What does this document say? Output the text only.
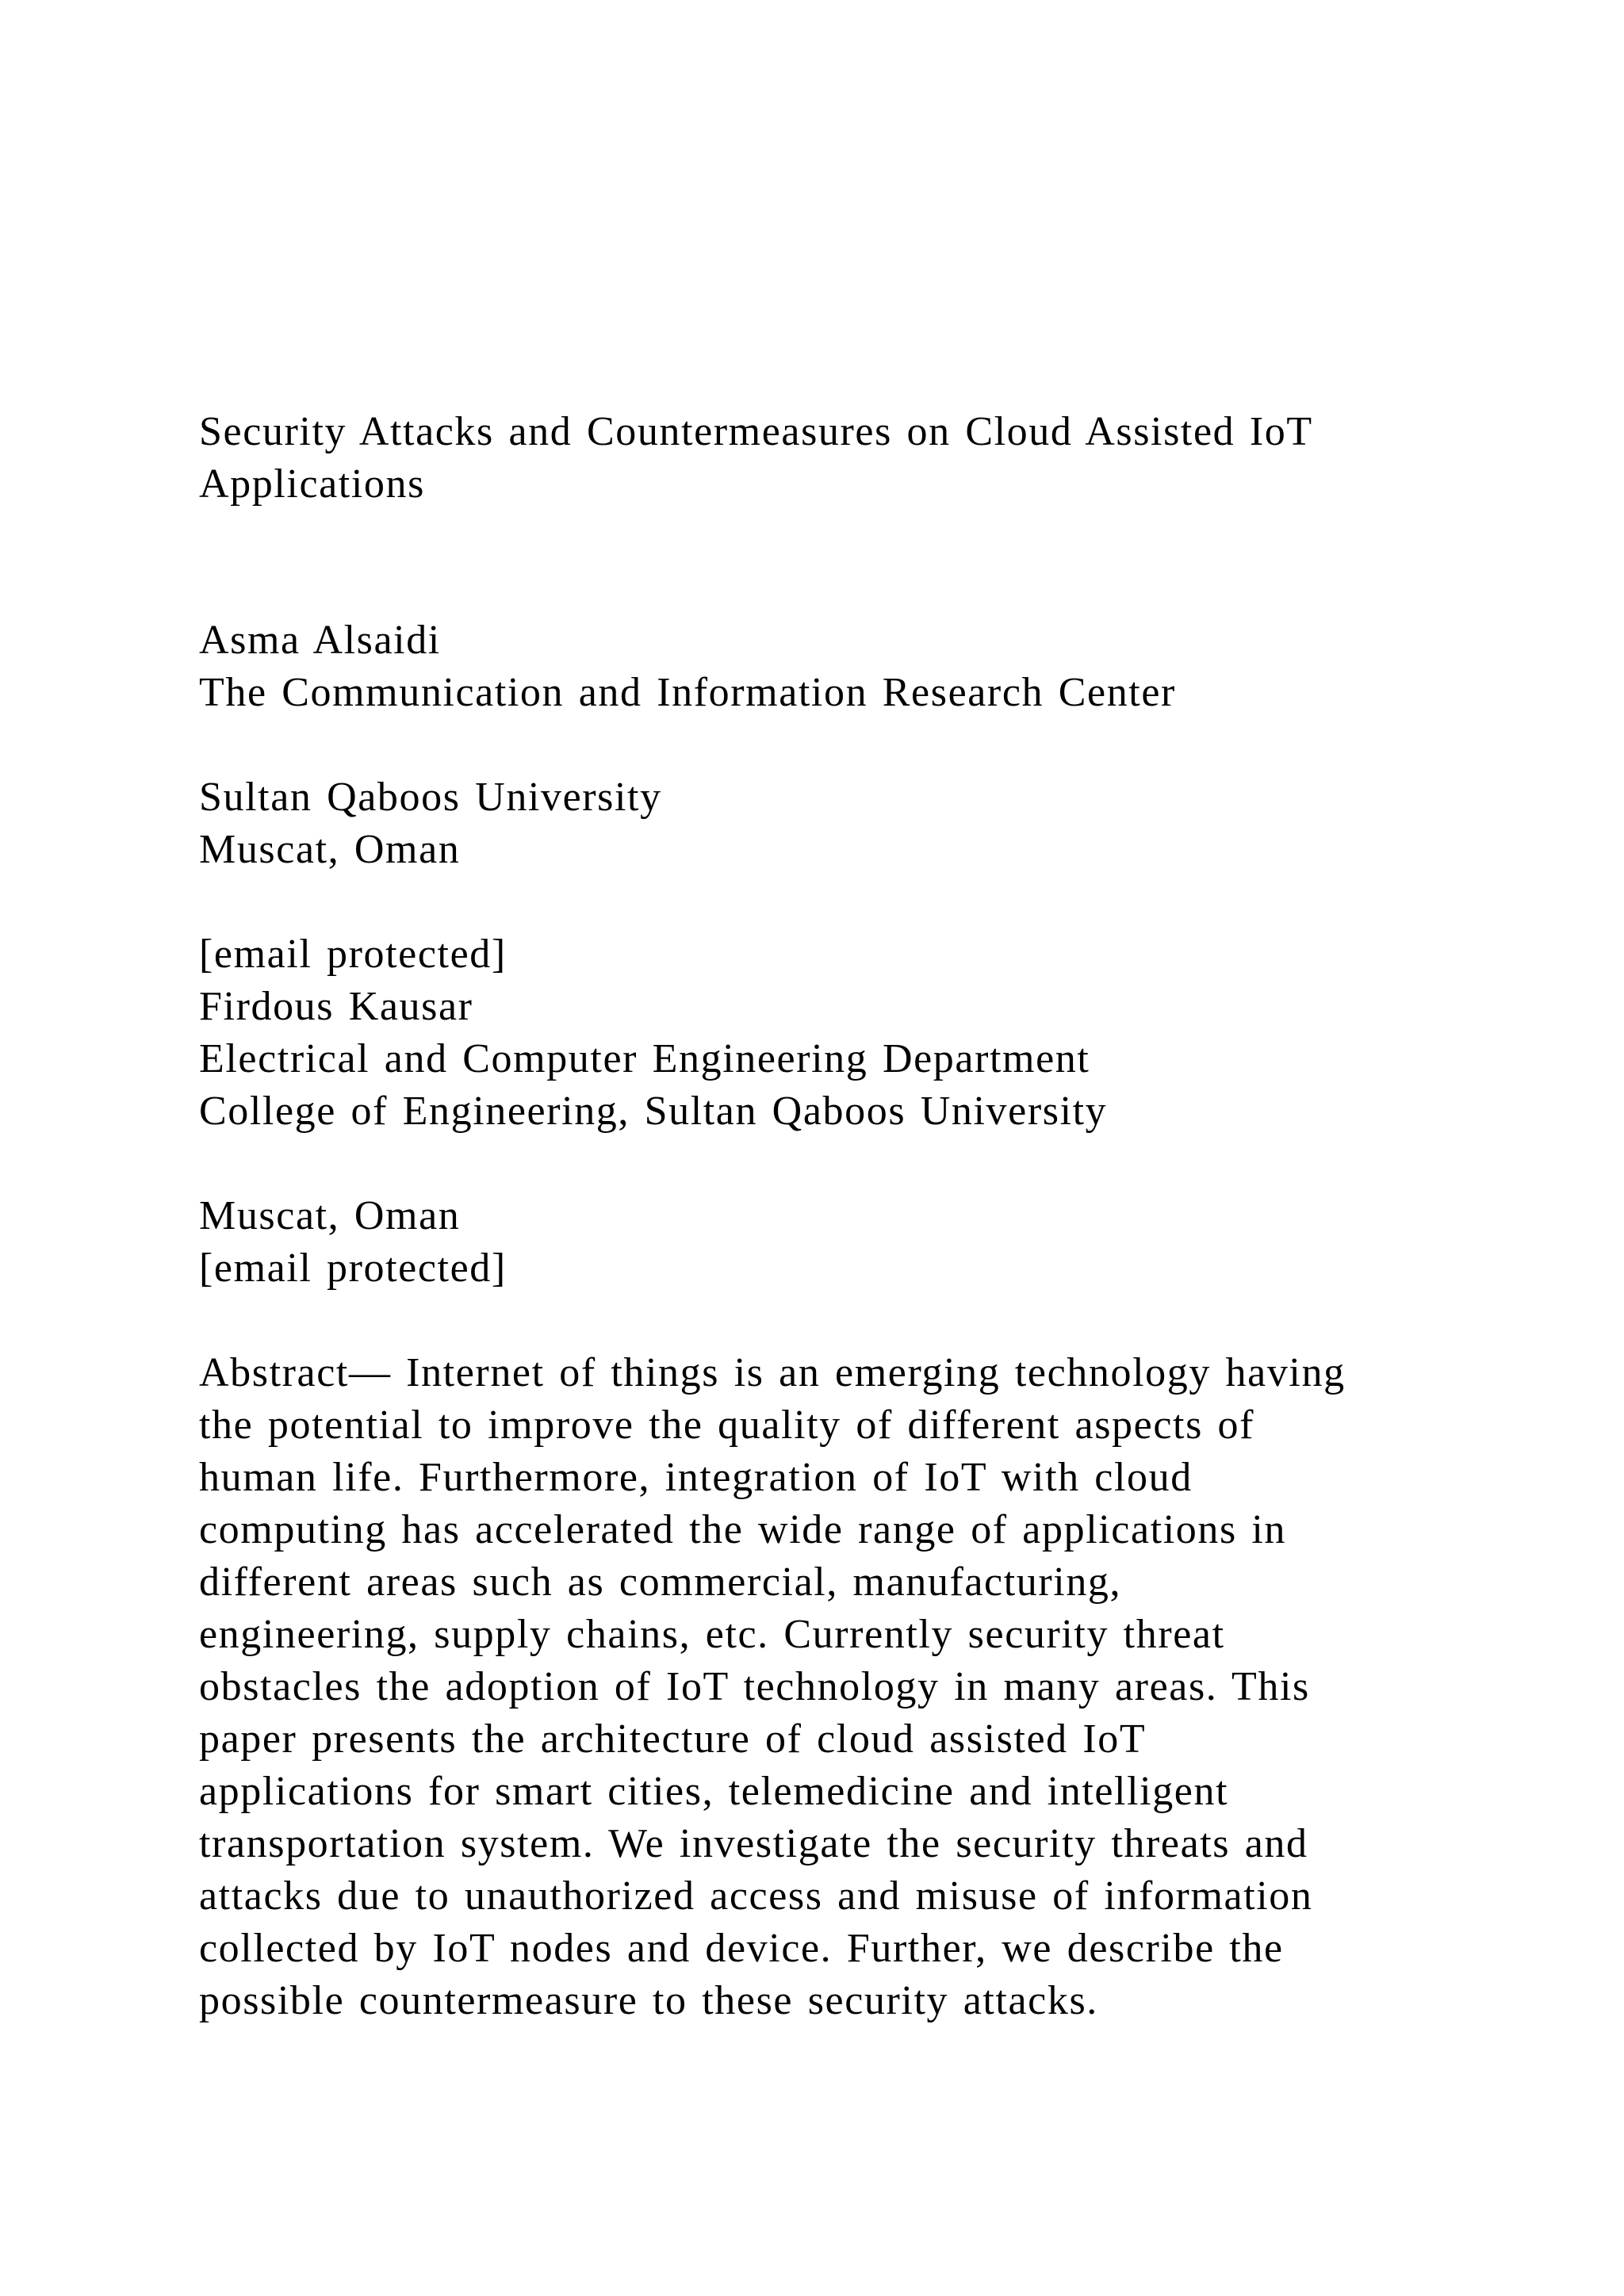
Security Attacks and Countermeasures on Cloud Assisted IoT
Applications
Asma Alsaidi
The Communication and Information Research Center
Sultan Qaboos University
Muscat, Oman
[email protected]
Firdous Kausar
Electrical and Computer Engineering Department
College of Engineering, Sultan Qaboos University
Muscat, Oman
[email protected]
Abstract— Internet of things is an emerging technology having
the potential to improve the quality of different aspects of
human life. Furthermore, integration of IoT with cloud
computing has accelerated the wide range of applications in
different areas such as commercial, manufacturing,
engineering, supply chains, etc. Currently security threat
obstacles the adoption of IoT technology in many areas. This
paper presents the architecture of cloud assisted IoT
applications for smart cities, telemedicine and intelligent
transportation system. We investigate the security threats and
attacks due to unauthorized access and misuse of information
collected by IoT nodes and device. Further, we describe the
possible countermeasure to these security attacks.
